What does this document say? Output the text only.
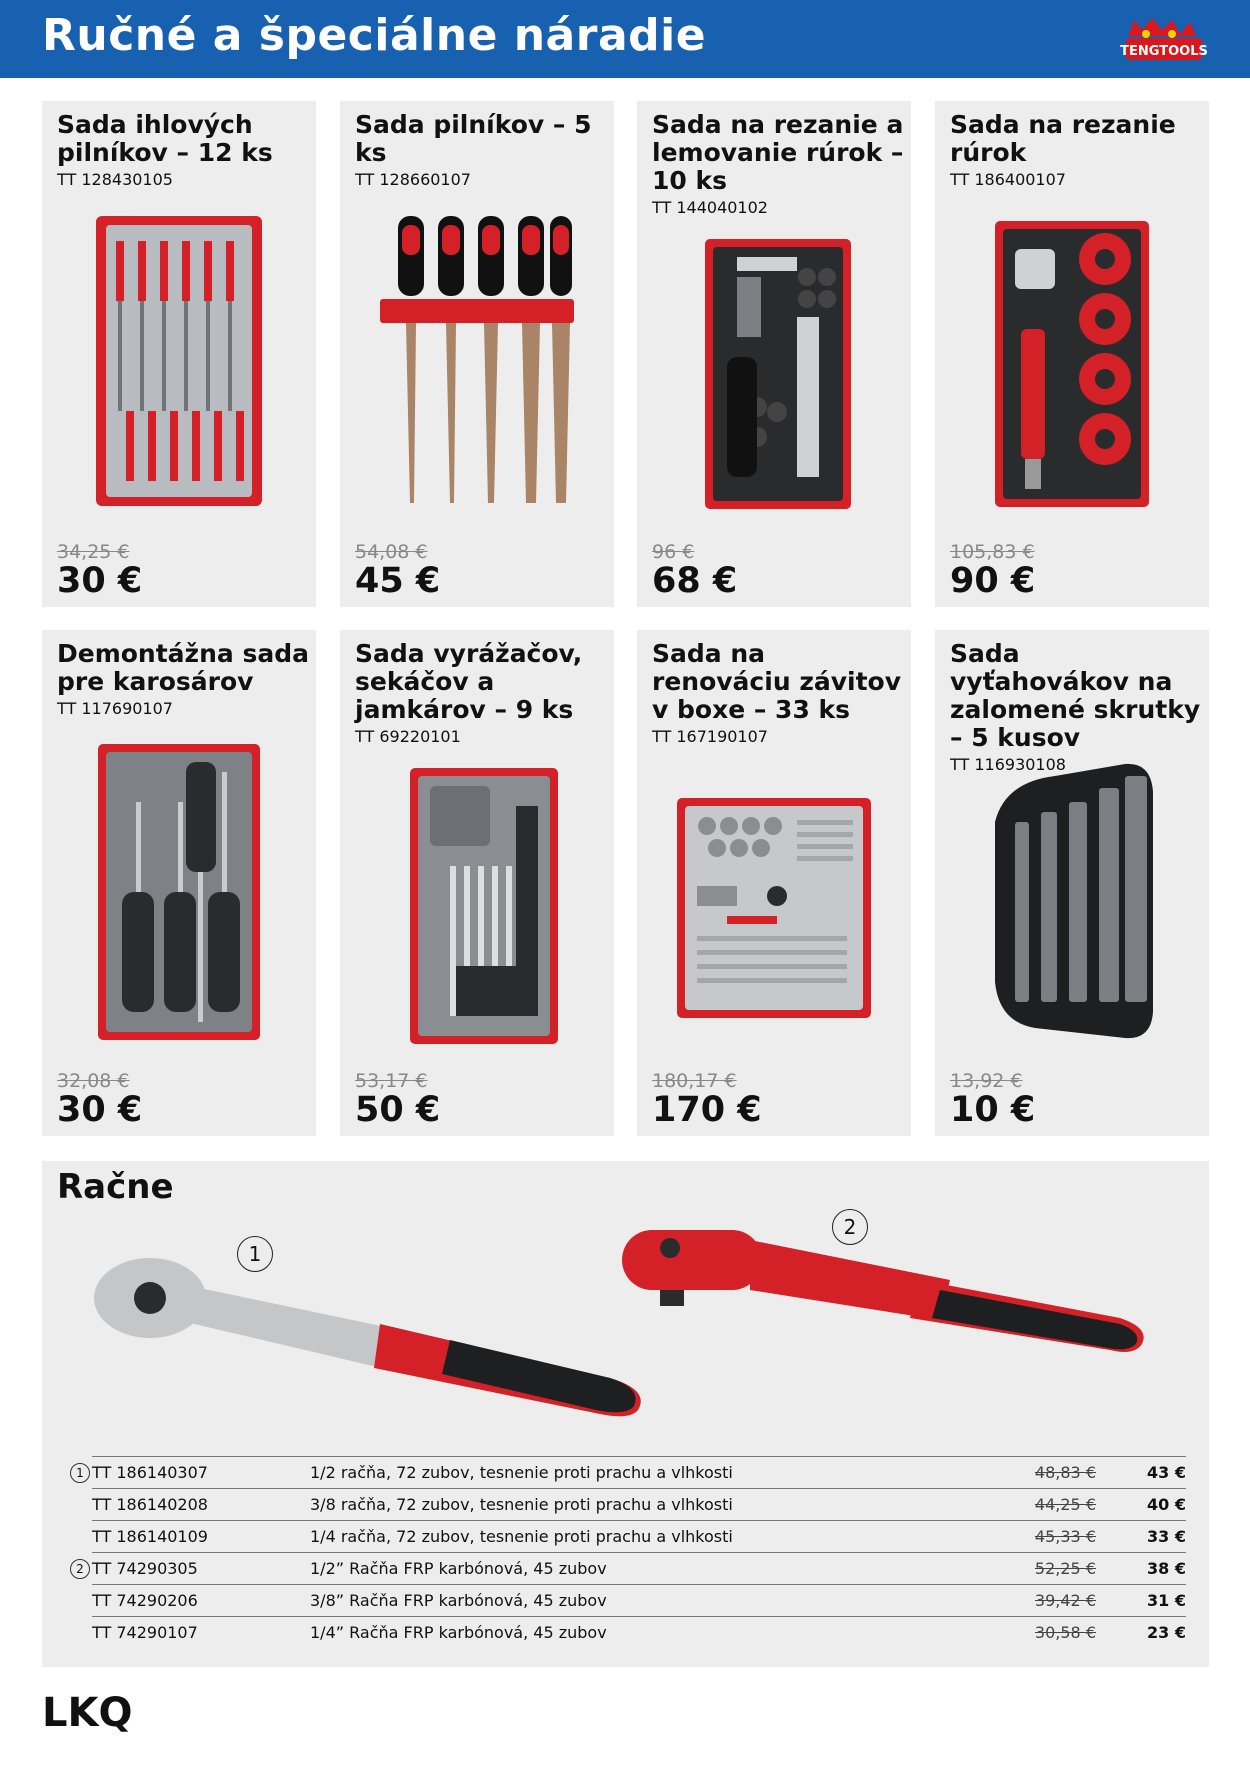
Ručné a špeciálne náradie	TENGTOOLS
Sada ihlových pilníkov – 12 ks
TT 128430105
34,25 €
30 €
Sada pilníkov – 5 ks
TT 128660107
54,08 €
45 €
Sada na rezanie a lemovanie rúrok – 10 ks
TT 144040102
96 €
68 €
Sada na rezanie rúrok
TT 186400107
105,83 €
90 €
Demontážna sada pre karosárov
TT 117690107
32,08 €
30 €
Sada vyrážačov, sekáčov a jamkárov – 9 ks
TT 69220101
53,17 €
50 €
Sada na renováciu závitov v boxe – 33 ks
TT 167190107
180,17 €
170 €
Sada vyťahovákov na zalomené skrutky – 5 kusov
TT 116930108
13,92 €
10 €
Račne
1
2
1	TT 186140307	1/2 račňa, 72 zubov, tesnenie proti prachu a vlhkosti	48,83 €	43 €
	TT 186140208	3/8 račňa, 72 zubov, tesnenie proti prachu a vlhkosti	44,25 €	40 €
	TT 186140109	1/4 račňa, 72 zubov, tesnenie proti prachu a vlhkosti	45,33 €	33 €
2	TT 74290305	1/2” Račňa FRP karbónová, 45 zubov	52,25 €	38 €
	TT 74290206	3/8” Račňa FRP karbónová, 45 zubov	39,42 €	31 €
	TT 74290107	1/4” Račňa FRP karbónová, 45 zubov	30,58 €	23 €
LKQ
